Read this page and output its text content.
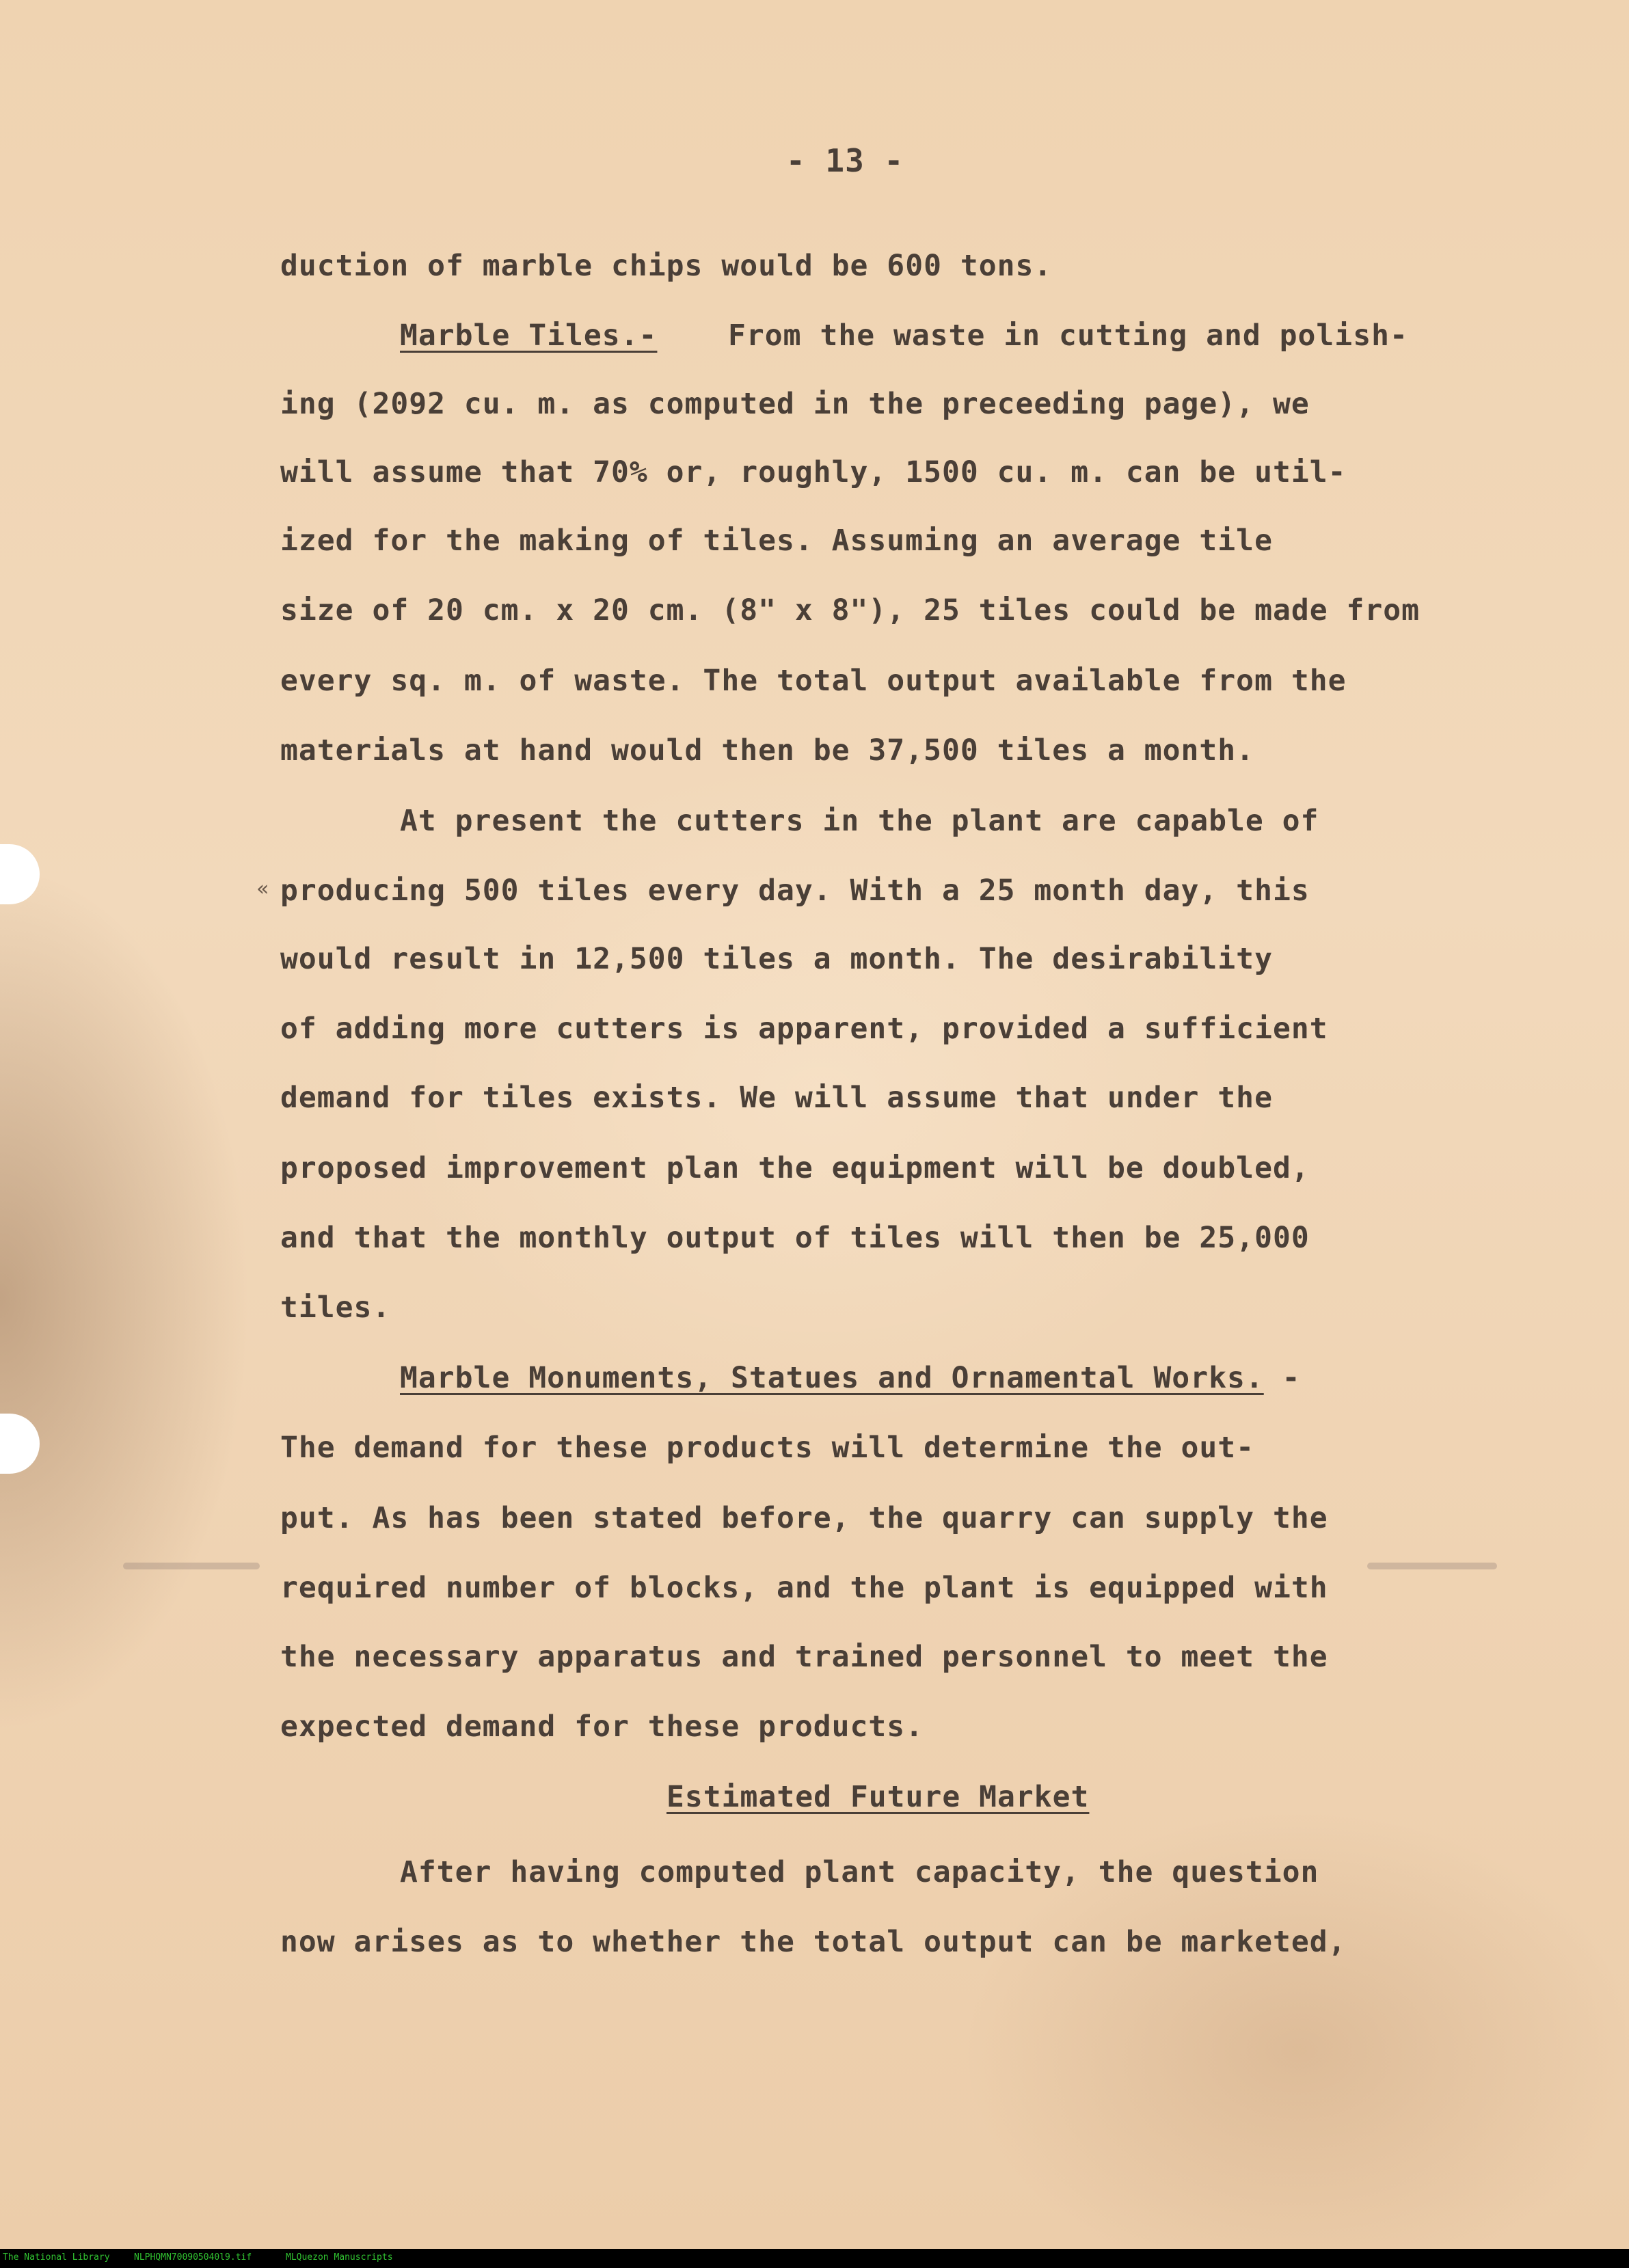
- 13 -
duction of marble chips would be 600 tons.
Marble Tiles.- From the waste in cutting and polish-
ing (2092 cu. m. as computed in the preceeding page), we
will assume that 70% or, roughly, 1500 cu. m. can be util-
ized for the making of tiles. Assuming an average tile
size of 20 cm. x 20 cm. (8" x 8"), 25 tiles could be made from
every sq. m. of waste. The total output available from the
materials at hand would then be 37,500 tiles a month.
At present the cutters in the plant are capable of
« producing 500 tiles every day. With a 25 month day, this
would result in 12,500 tiles a month. The desirability
of adding more cutters is apparent, provided a sufficient
demand for tiles exists. We will assume that under the
proposed improvement plan the equipment will be doubled,
and that the monthly output of tiles will then be 25,000
tiles.
Marble Monuments, Statues and Ornamental Works. -
The demand for these products will determine the out-
put. As has been stated before, the quarry can supply the
required number of blocks, and the plant is equipped with
the necessary apparatus and trained personnel to meet the
expected demand for these products.
Estimated Future Market
After having computed plant capacity, the question
now arises as to whether the total output can be marketed,
The National Library	NLPHQMN700905040l9.tif	MLQuezon Manuscripts
